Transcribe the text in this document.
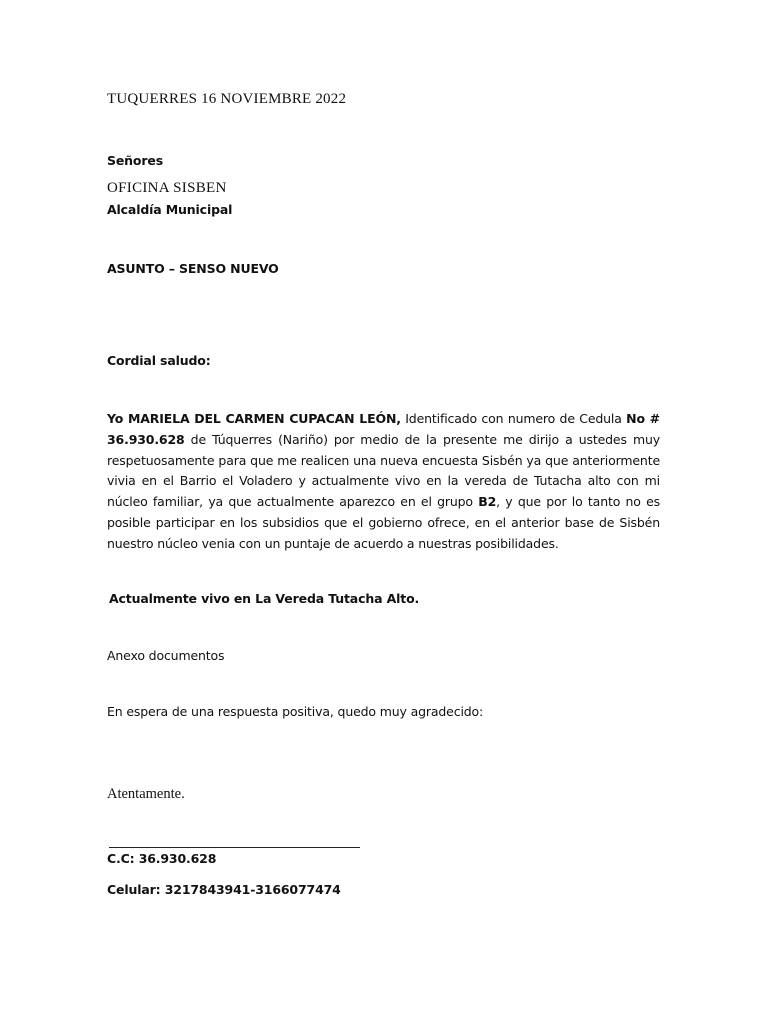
TUQUERRES 16 NOVIEMBRE 2022

Señores

OFICINA SISBEN

Alcaldía Municipal

ASUNTO – SENSO NUEVO

Cordial saludo:

Yo MARIELA DEL CARMEN CUPACAN LEÓN, Identificado con numero de Cedula No # 36.930.628 de Túquerres (Nariño) por medio de la presente me dirijo a ustedes muy respetuosamente para que me realicen una nueva encuesta Sisbén ya que anteriormente vivia en el Barrio el Voladero y actualmente vivo en la vereda de Tutacha alto con mi núcleo familiar, ya que actualmente aparezco en el grupo B2, y que por lo tanto no es posible participar en los subsidios que el gobierno ofrece, en el anterior base de Sisbén nuestro núcleo venia con un puntaje de acuerdo a nuestras posibilidades.

Actualmente vivo en La Vereda Tutacha Alto.

Anexo documentos

En espera de una respuesta positiva, quedo muy agradecido:

Atentamente.

C.C: 36.930.628

Celular: 3217843941-3166077474
